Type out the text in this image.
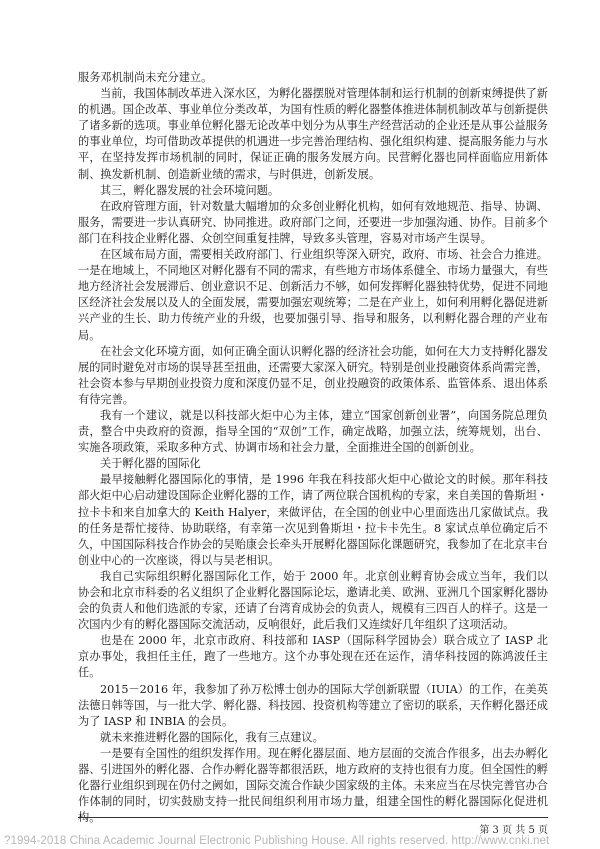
服务邓机制尚未充分建立。

当前，我国体制改革进入深水区，为孵化器摆脱对管理体制和运行机制的创新束缚提供了新的机遇。国企改革、事业单位分类改革，为国有性质的孵化器整体推进体制机制改革与创新提供了诸多新的选项。事业单位孵化器无论改革中划分为从事生产经营活动的企业还是从事公益服务的事业单位，均可借助改革提供的机遇进一步完善治理结构、强化组织构建、提高服务能力与水平，在坚持发挥市场机制的同时，保证正确的服务发展方向。民营孵化器也同样面临应用新体制、换发新机制、创造新业绩的需求，与时俱进，创新发展。

其三，孵化器发展的社会环境问题。

在政府管理方面，针对数量大幅增加的众多创业孵化机构，如何有效地规范、指导、协调、服务，需要进一步认真研究、协同推进。政府部门之间，还要进一步加强沟通、协作。目前多个部门在科技企业孵化器、众创空间重复挂牌，导致多头管理，容易对市场产生误导。

在区域布局方面，需要相关政府部门、行业组织等深入研究，政府、市场、社会合力推进。一是在地域上，不同地区对孵化器有不同的需求，有些地方市场体系健全、市场力量强大，有些地方经济社会发展滞后、创业意识不足、创新活力不够，如何发挥孵化器独特优势，促进不同地区经济社会发展以及人的全面发展，需要加强宏观统筹；二是在产业上，如何利用孵化器促进新兴产业的生长、助力传统产业的升级，也要加强引导、指导和服务，以利孵化器合理的产业布局。

在社会文化环境方面，如何正确全面认识孵化器的经济社会功能，如何在大力支持孵化器发展的同时避免对市场的误导甚至扭曲，还需要大家深入研究。特别是创业投融资体系尚需完善，社会资本参与早期创业投资力度和深度仍显不足，创业投融资的政策体系、监管体系、退出体系有待完善。

我有一个建议，就是以科技部火炬中心为主体，建立“国家创新创业署”，向国务院总理负责，整合中央政府的资源，指导全国的“双创”工作，确定战略，加强立法，统筹规划，出台、实施各项政策，采取多种方式、协调市场和社会力量，全面推进全国的创新创业。

关于孵化器的国际化

最早接触孵化器国际化的事情，是 1996 年我在科技部火炬中心做论文的时候。那年科技部火炬中心启动建设国际企业孵化器的工作，请了两位联合国机构的专家，来自美国的鲁斯坦・拉卡卡和来自加拿大的 Keith Halyer，来做评估，在全国的创业中心里面选出几家做试点。我的任务是帮忙接待、协助联络，有幸第一次见到鲁斯坦・拉卡卡先生。8 家试点单位确定后不久，中国国际科技合作协会的吴贻康会长牵头开展孵化器国际化课题研究，我参加了在北京丰台创业中心的一次座谈，得以与吴老相识。

我自己实际组织孵化器国际化工作，始于 2000 年。北京创业孵育协会成立当年，我们以协会和北京市科委的名义组织了企业孵化器国际论坛，邀请北美、欧洲、亚洲几个国家孵化器协会的负责人和他们选派的专家，还请了台湾育成协会的负责人，规模有三四百人的样子。这是一次国内少有的孵化器国际交流活动，反响很好，此后我们又连续好几年组织了这项活动。

也是在 2000 年，北京市政府、科技部和 IASP（国际科学园协会）联合成立了 IASP 北京办事处，我担任主任，跑了一些地方。这个办事处现在还在运作，清华科技园的陈鸿波任主任。

2015－2016 年，我参加了孙万松博士创办的国际大学创新联盟（IUIA）的工作，在美英法德日韩等国，与一批大学、孵化器、科技园、投资机构等建立了密切的联系，天作孵化器还成为了 IASP 和 INBIA 的会员。

就未来推进孵化器的国际化，我有三点建议。

一是要有全国性的组织发挥作用。现在孵化器层面、地方层面的交流合作很多，出去办孵化器、引进国外的孵化器、合作办孵化器等都很活跃，地方政府的支持也很有力度。但全国性的孵化器行业组织到现在仍付之阙如，国际交流合作缺少国家级的主体。未来应当在尽快完善官办合作体制的同时，切实鼓励支持一批民间组织利用市场力量，组建全国性的孵化器国际化促进机构。

第 3 页 共 5 页
?1994-2018 China Academic Journal Electronic Publishing House. All rights reserved. http://www.cnki.net
